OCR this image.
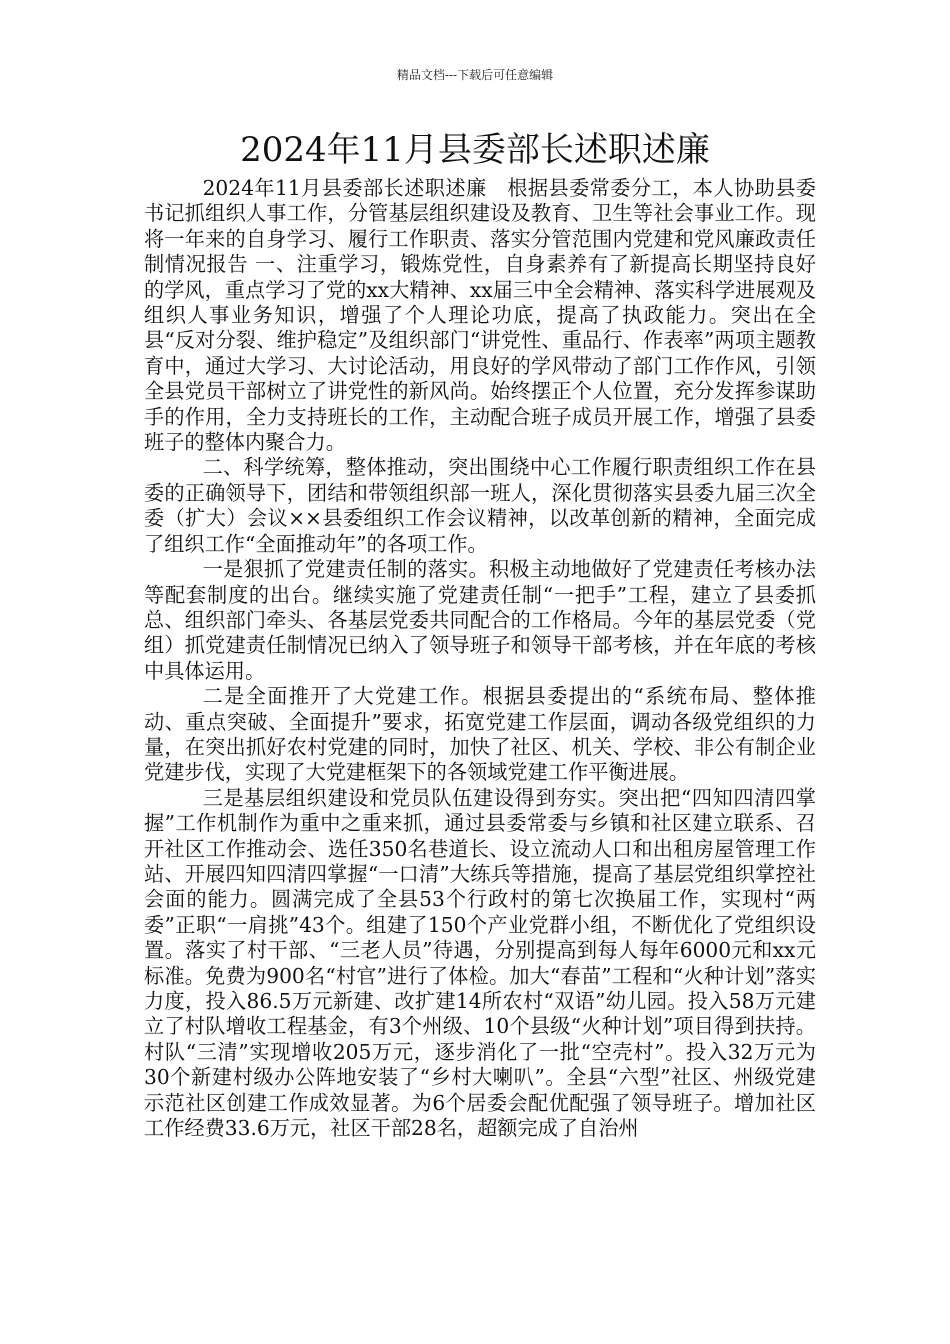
精品文档---下载后可任意编辑
2024年11月县委部长述职述廉

2024年11月县委部长述职述廉　根据县委常委分工，本人协助县委书记抓组织人事工作，分管基层组织建设及教育、卫生等社会事业工作。现将一年来的自身学习、履行工作职责、落实分管范围内党建和党风廉政责任制情况报告 一、注重学习，锻炼党性，自身素养有了新提高长期坚持良好的学风，重点学习了党的xx大精神、xx届三中全会精神、落实科学进展观及组织人事业务知识，增强了个人理论功底，提高了执政能力。突出在全县“反对分裂、维护稳定”及组织部门“讲党性、重品行、作表率”两项主题教育中，通过大学习、大讨论活动，用良好的学风带动了部门工作作风，引领全县党员干部树立了讲党性的新风尚。始终摆正个人位置，充分发挥参谋助手的作用，全力支持班长的工作，主动配合班子成员开展工作，增强了县委班子的整体内聚合力。

二、科学统筹，整体推动，突出围绕中心工作履行职责组织工作在县委的正确领导下，团结和带领组织部一班人，深化贯彻落实县委九届三次全委（扩大）会议××县委组织工作会议精神，以改革创新的精神，全面完成了组织工作“全面推动年”的各项工作。

一是狠抓了党建责任制的落实。积极主动地做好了党建责任考核办法等配套制度的出台。继续实施了党建责任制“一把手”工程，建立了县委抓总、组织部门牵头、各基层党委共同配合的工作格局。今年的基层党委（党组）抓党建责任制情况已纳入了领导班子和领导干部考核，并在年底的考核中具体运用。

二是全面推开了大党建工作。根据县委提出的“系统布局、整体推动、重点突破、全面提升”要求，拓宽党建工作层面，调动各级党组织的力量，在突出抓好农村党建的同时，加快了社区、机关、学校、非公有制企业党建步伐，实现了大党建框架下的各领域党建工作平衡进展。

三是基层组织建设和党员队伍建设得到夯实。突出把“四知四清四掌握”工作机制作为重中之重来抓，通过县委常委与乡镇和社区建立联系、召开社区工作推动会、选任350名巷道长、设立流动人口和出租房屋管理工作站、开展四知四清四掌握“一口清”大练兵等措施，提高了基层党组织掌控社会面的能力。圆满完成了全县53个行政村的第七次换届工作，实现村“两委”正职“一肩挑”43个。组建了150个产业党群小组，不断优化了党组织设置。落实了村干部、“三老人员”待遇，分别提高到每人每年6000元和xx元标准。免费为900名“村官”进行了体检。加大“春苗”工程和“火种计划”落实力度，投入86.5万元新建、改扩建14所农村“双语”幼儿园。投入58万元建立了村队增收工程基金，有3个州级、10个县级“火种计划”项目得到扶持。村队“三清”实现增收205万元，逐步消化了一批“空壳村”。投入32万元为30个新建村级办公阵地安装了“乡村大喇叭”。全县“六型”社区、州级党建示范社区创建工作成效显著。为6个居委会配优配强了领导班子。增加社区工作经费33.6万元，社区干部28名，超额完成了自治州
